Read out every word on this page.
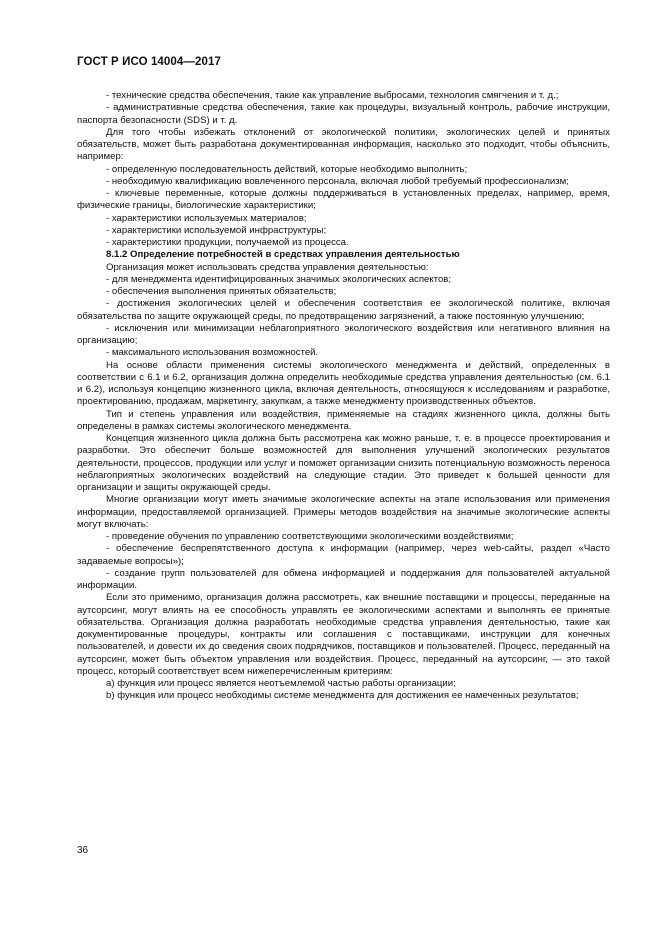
ГОСТ Р ИСО 14004—2017

- технические средства обеспечения, такие как управление выбросами, технология смягчения и т. д.;

- административные средства обеспечения, такие как процедуры, визуальный контроль, рабочие инструкции, паспорта безопасности (SDS) и т. д.

Для того чтобы избежать отклонений от экологической политики, экологических целей и принятых обязательств, может быть разработана документированная информация, насколько это подходит, чтобы объяснить, например:

- определенную последовательность действий, которые необходимо выполнить;

- необходимую квалификацию вовлеченного персонала, включая любой требуемый профессионализм;

- ключевые переменные, которые должны поддерживаться в установленных пределах, например, время, физические границы, биологические характеристики;

- характеристики используемых материалов;

- характеристики используемой инфраструктуры;

- характеристики продукции, получаемой из процесса.

8.1.2 Определение потребностей в средствах управления деятельностью

Организация может использовать средства управления деятельностью:

- для менеджмента идентифицированных значимых экологических аспектов;

- обеспечения выполнения принятых обязательств;

- достижения экологических целей и обеспечения соответствия ее экологической политике, включая обязательства по защите окружающей среды, по предотвращению загрязнений, а также постоянную улучшению;

- исключения или минимизации неблагоприятного экологического воздействия или негативного влияния на организацию;

- максимального использования возможностей.

На основе области применения системы экологического менеджмента и действий, определенных в соответствии с 6.1 и 6.2, организация должна определить необходимые средства управления деятельностью (см. 6.1 и 6.2), используя концепцию жизненного цикла, включая деятельность, относящуюся к исследованиям и разработке, проектированию, продажам, маркетингу, закупкам, а также менеджменту производственных объектов.

Тип и степень управления или воздействия, применяемые на стадиях жизненного цикла, должны быть определены в рамках системы экологического менеджмента.

Концепция жизненного цикла должна быть рассмотрена как можно раньше, т. е. в процессе проектирования и разработки. Это обеспечит больше возможностей для выполнения улучшений экологических результатов деятельности, процессов, продукции или услуг и поможет организации снизить потенциальную возможность переноса неблагоприятных экологических воздействий на следующие стадии. Это приведет к большей ценности для организации и защиты окружающей среды.

Многие организации могут иметь значимые экологические аспекты на этапе использования или применения информации, предоставляемой организацией. Примеры методов воздействия на значимые экологические аспекты могут включать:

- проведение обучения по управлению соответствующими экологическими воздействиями;

- обеспечение беспрепятственного доступа к информации (например, через web-сайты, раздел «Часто задаваемые вопросы»);

- создание групп пользователей для обмена информацией и поддержания для пользователей актуальной информации.

Если это применимо, организация должна рассмотреть, как внешние поставщики и процессы, переданные на аутсорсинг, могут влиять на ее способность управлять ее экологическими аспектами и выполнять ее принятые обязательства. Организация должна разработать необходимые средства управления деятельностью, такие как документированные процедуры, контракты или соглашения с поставщиками, инструкции для конечных пользователей, и довести их до сведения своих подрядчиков, поставщиков и пользователей. Процесс, переданный на аутсорсинг, может быть объектом управления или воздействия. Процесс, переданный на аутсорсинг, — это такой процесс, который соответствует всем нижеперечисленным критериям:

а) функция или процесс является неотъемлемой частью работы организации;

b) функция или процесс необходимы системе менеджмента для достижения ее намеченных результатов;

36
